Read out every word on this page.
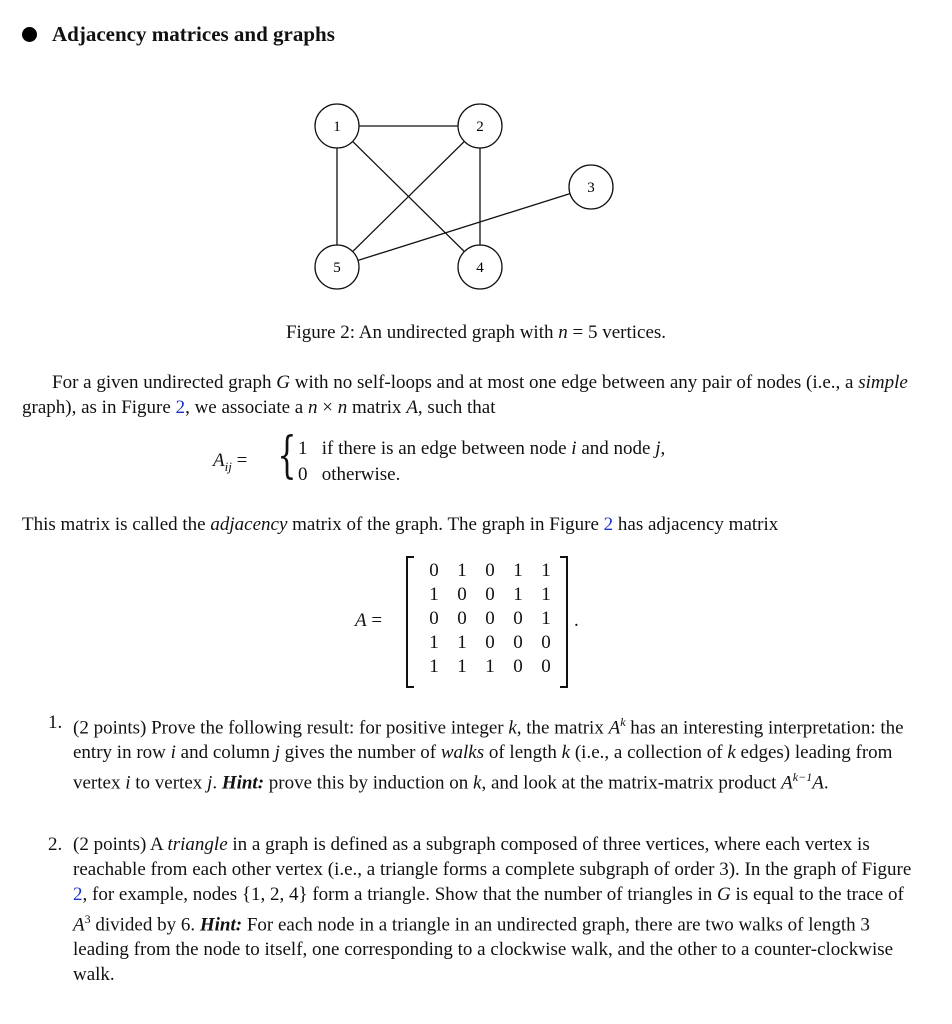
Adjacency matrices and graphs
1	2
3
4
5
Figure 2: An undirected graph with n = 5 vertices.
For a given undirected graph G with no self-loops and at most one edge between any pair of nodes (i.e., a simple graph), as in Figure 2, we associate a n × n matrix A, such that
$A_{ij}$ = { 1 if there is an edge between node i and node j,
0 otherwise.
This matrix is called the adjacency matrix of the graph. The graph in Figure 2 has adjacency matrix
A =
0 1 0 1 1
1 0 0 1 1
0 0 0 0 1
1 1 0 0 0
1 1 1 0 0
.
1. (2 points) Prove the following result: for positive integer k, the matrix $A^k$ has an interesting interpretation: the entry in row i and column j gives the number of walks of length k (i.e., a collection of k edges) leading from vertex i to vertex j. Hint: prove this by induction on k, and look at the matrix-matrix product $A^{k-1}A$.
2. (2 points) A triangle in a graph is defined as a subgraph composed of three vertices, where each vertex is reachable from each other vertex (i.e., a triangle forms a complete subgraph of order 3). In the graph of Figure 2, for example, nodes {1, 2, 4} form a triangle. Show that the number of triangles in G is equal to the trace of $A^3$ divided by 6. Hint: For each node in a triangle in an undirected graph, there are two walks of length 3 leading from the node to itself, one corresponding to a clockwise walk, and the other to a counter-clockwise walk.
